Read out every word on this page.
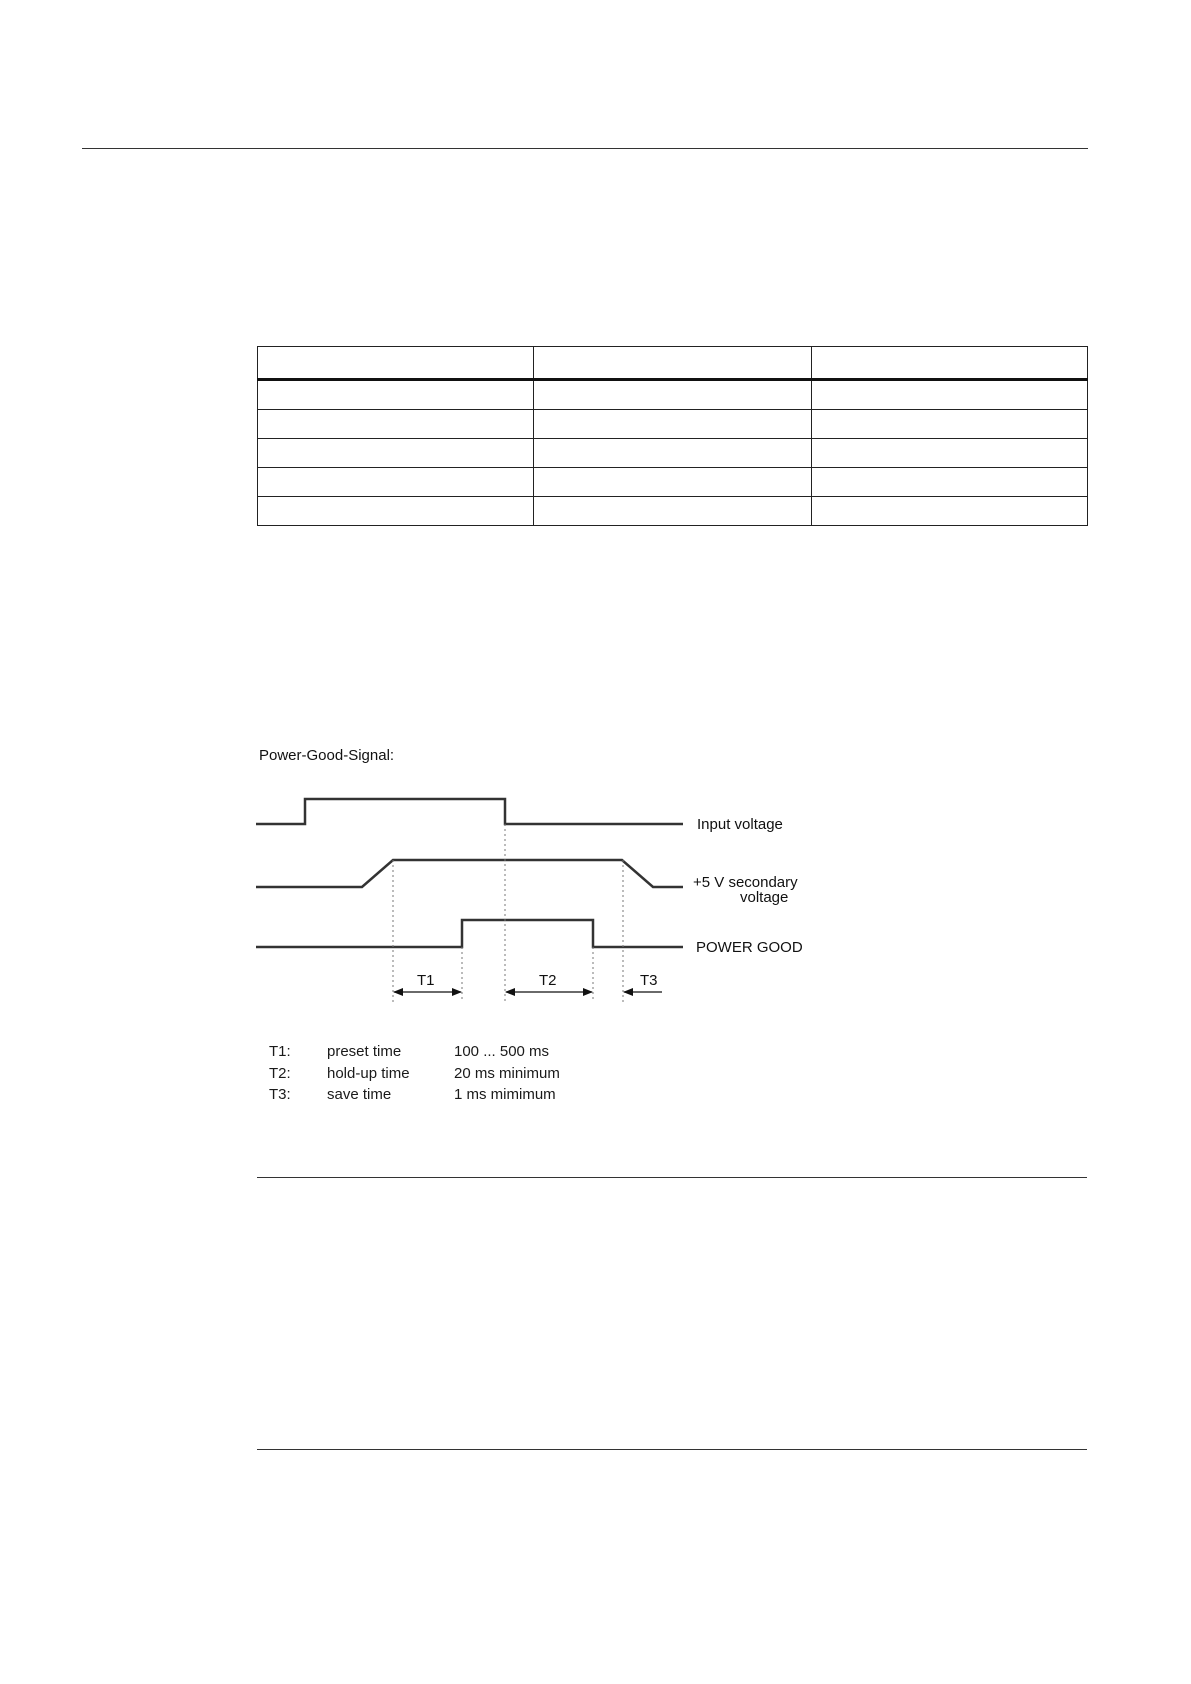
Power-Good-Signal:
Input voltage
+5 V secondary
voltage
POWER GOOD
T1	T2	T3
T1:	preset time	100 ... 500 ms
T2:	hold-up time	20 ms minimum
T3:	save time	1 ms mimimum
